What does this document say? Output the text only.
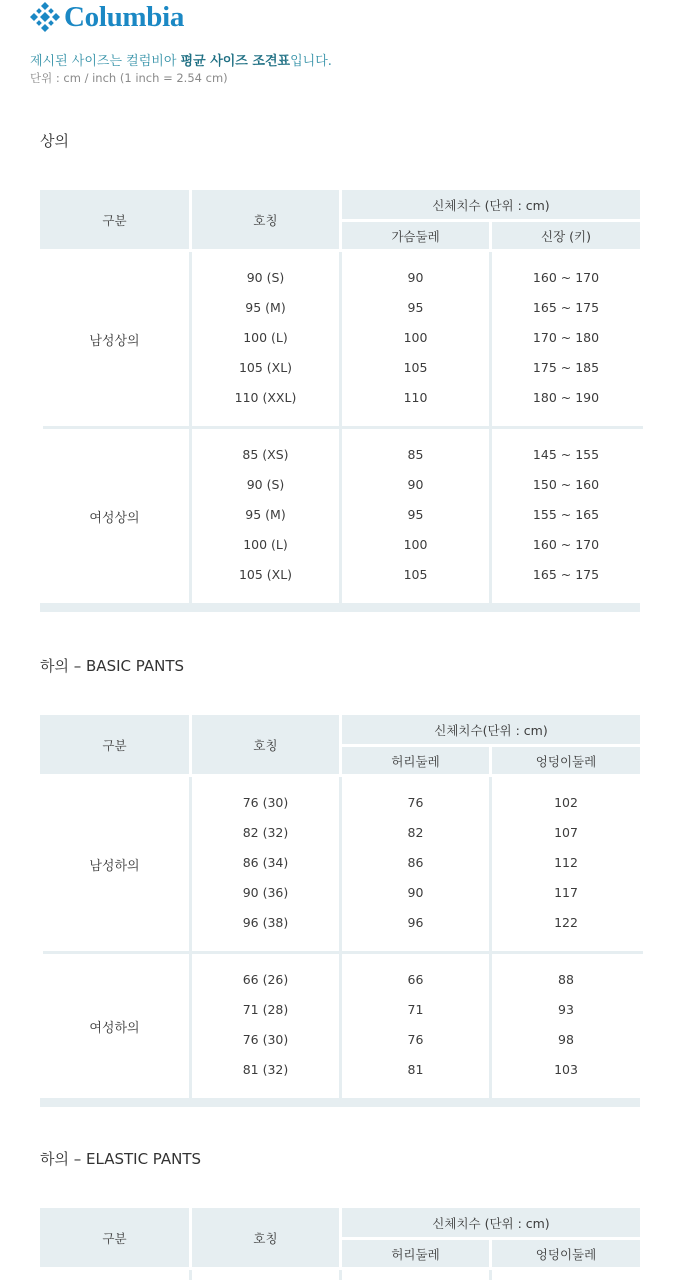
Columbia
제시된 사이즈는 컬럼비아 평균 사이즈 조견표입니다.
단위 : cm / inch (1 inch = 2.54 cm)
상의
구분	호칭
신체치수 (단위 : cm)
가슴둘레	신장 (키)
남성상의
90 (S)	90	160 ~ 170
95 (M)	95	165 ~ 175
100 (L)	100	170 ~ 180
105 (XL)	105	175 ~ 185
110 (XXL)	110	180 ~ 190
여성상의
85 (XS)	85	145 ~ 155
90 (S)	90	150 ~ 160
95 (M)	95	155 ~ 165
100 (L)	100	160 ~ 170
105 (XL)	105	165 ~ 175
하의 – BASIC PANTS
구분	호칭
신체치수(단위 : cm)
허리둘레	엉덩이둘레
남성하의
76 (30)	76	102
82 (32)	82	107
86 (34)	86	112
90 (36)	90	117
96 (38)	96	122
여성하의
66 (26)	66	88
71 (28)	71	93
76 (30)	76	98
81 (32)	81	103
하의 – ELASTIC PANTS
구분	호칭
신체치수 (단위 : cm)
허리둘레	엉덩이둘레
